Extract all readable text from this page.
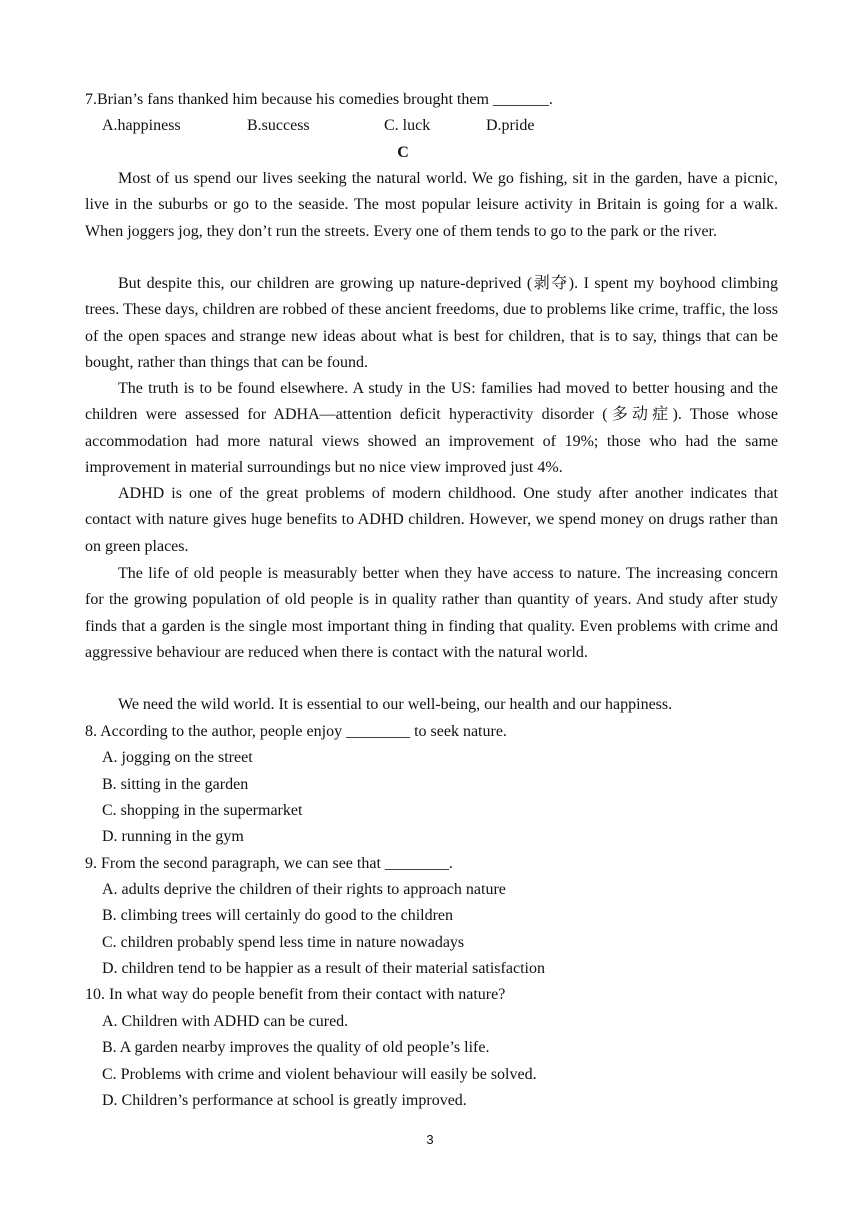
7.Brian’s fans thanked him because his comedies brought them _______.
A.happiness	B.success	C. luck	D.pride
C

Most of us spend our lives seeking the natural world. We go fishing, sit in the garden, have a picnic, live in the suburbs or go to the seaside. The most popular leisure activity in Britain is going for a walk. When joggers jog, they don’t run the streets. Every one of them tends to go to the park or the river.

But despite this, our children are growing up nature-deprived (剥夺). I spent my boyhood climbing trees. These days, children are robbed of these ancient freedoms, due to problems like crime, traffic, the loss of the open spaces and strange new ideas about what is best for children, that is to say, things that can be bought, rather than things that can be found.

The truth is to be found elsewhere. A study in the US: families had moved to better housing and the children were assessed for ADHA—attention deficit hyperactivity disorder (多动症). Those whose accommodation had more natural views showed an improvement of 19%; those who had the same improvement in material surroundings but no nice view improved just 4%.

ADHD is one of the great problems of modern childhood. One study after another indicates that contact with nature gives huge benefits to ADHD children. However, we spend money on drugs rather than on green places.

The life of old people is measurably better when they have access to nature. The increasing concern for the growing population of old people is in quality rather than quantity of years. And study after study finds that a garden is the single most important thing in finding that quality. Even problems with crime and aggressive behaviour are reduced when there is contact with the natural world.

We need the wild world. It is essential to our well-being, our health and our happiness.

8. According to the author, people enjoy ________ to seek nature.
A. jogging on the street
B. sitting in the garden
C. shopping in the supermarket
D. running in the gym
9. From the second paragraph, we can see that ________.
A. adults deprive the children of their rights to approach nature
B. climbing trees will certainly do good to the children
C. children probably spend less time in nature nowadays
D. children tend to be happier as a result of their material satisfaction
10. In what way do people benefit from their contact with nature?
A. Children with ADHD can be cured.
B. A garden nearby improves the quality of old people’s life.
C. Problems with crime and violent behaviour will easily be solved.
D. Children’s performance at school is greatly improved.
3
